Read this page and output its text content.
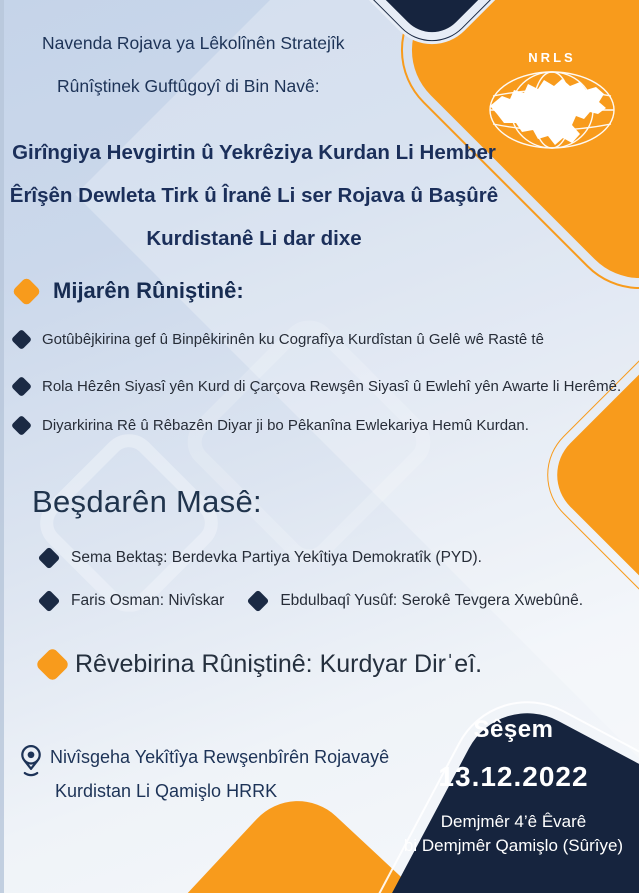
NRLS
Navenda Rojava ya Lêkolînên Stratejîk
Rûnîştinek Guftûgoyî di Bin Navê:
Girîngiya Hevgirtin û Yekrêziya Kurdan Li Hember
Êrîşên Dewleta Tirk û Îranê Li ser Rojava û Başûrê
Kurdistanê Li dar dixe
Mijarên Rûniştinê:
Gotûbêjkirina gef û Binpêkirinên ku Cografîya Kurdîstan û Gelê wê Rastê tê
Rola Hêzên Siyasî yên Kurd di Çarçova Rewşên Siyasî û Ewlehî yên Awarte li Herêmê.
Diyarkirina Rê û Rêbazên Diyar ji bo Pêkanîna Ewlekariya Hemû Kurdan.
Beşdarên Masê:
Sema Bektaş: Berdevka Partiya Yekîtiya Demokratîk (PYD).
Faris Osman: Nivîskar	Ebdulbaqî Yusûf: Serokê Tevgera Xwebûnê.
Rêvebirina Rûniştinê: Kurdyar Dirˈeî.
Nivîsgeha Yekîtîya Rewşenbîrên Rojavayê
Kurdistan Li Qamişlo HRRK
Sêşem
13.12.2022
Demjmêr 4’ê Êvarê
bi Demjmêr Qamişlo (Sûrîye)
